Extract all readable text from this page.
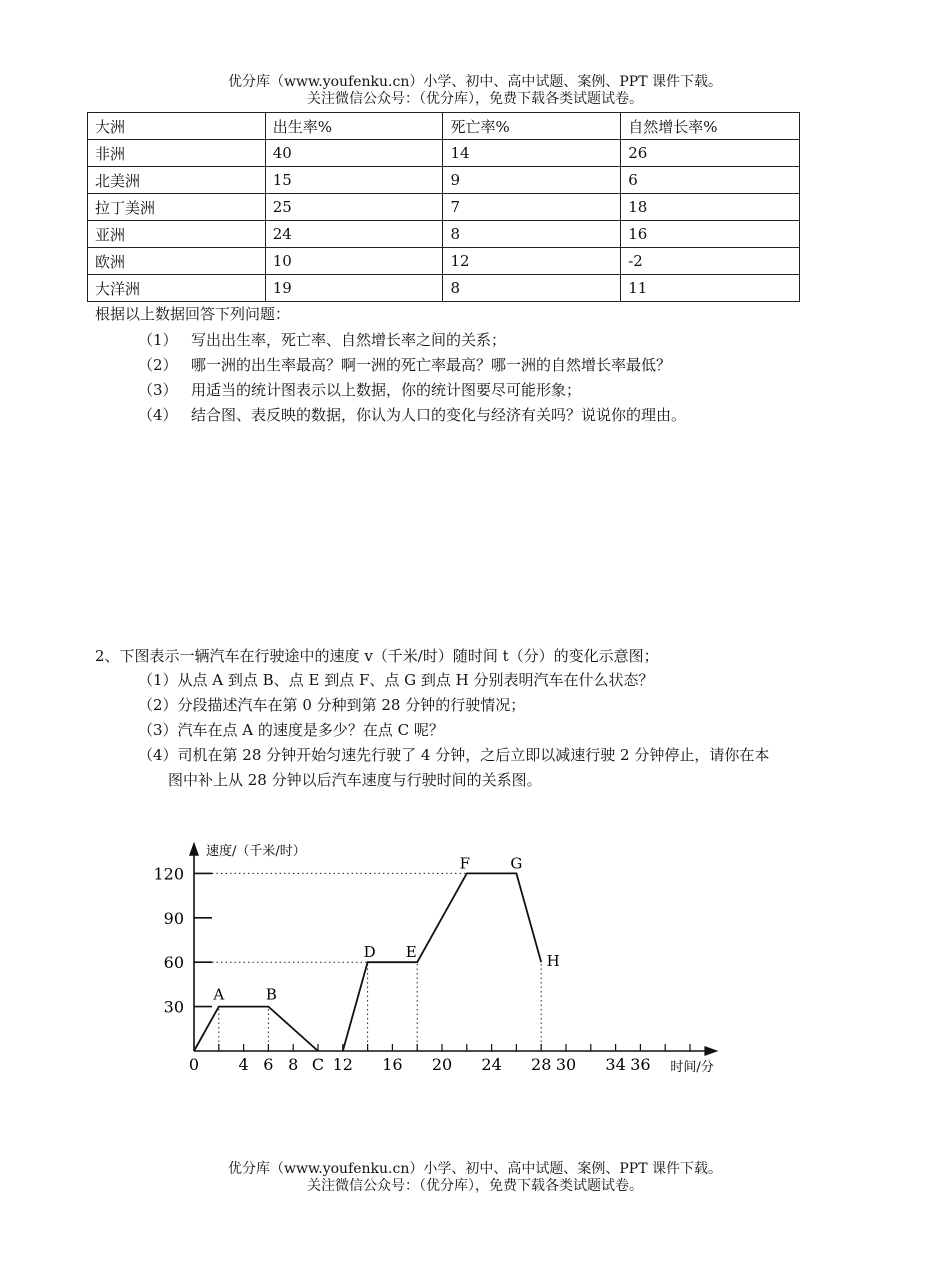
优分库（www.youfenku.cn）小学、初中、高中试题、案例、PPT 课件下载。
关注微信公众号：（优分库），免费下载各类试题试卷。
大洲	出生率%	死亡率%	自然增长率%
非洲	40	14	26
北美洲	15	9	6
拉丁美洲	25	7	18
亚洲	24	8	16
欧洲	10	12	-2
大洋洲	19	8	11
根据以上数据回答下列问题：
（1） 写出出生率，死亡率、自然增长率之间的关系；
（2） 哪一洲的出生率最高？啊一洲的死亡率最高？哪一洲的自然增长率最低？
（3） 用适当的统计图表示以上数据，你的统计图要尽可能形象；
（4） 结合图、表反映的数据，你认为人口的变化与经济有关吗？说说你的理由。
2、下图表示一辆汽车在行驶途中的速度 v（千米/时）随时间 t（分）的变化示意图；
（1）从点 A 到点 B、点 E 到点 F、点 G 到点 H 分别表明汽车在什么状态？
（2）分段描述汽车在第 0 分种到第 28 分钟的行驶情况；
（3）汽车在点 A 的速度是多少？在点 C 呢？
（4）司机在第 28 分钟开始匀速先行驶了 4 分钟，之后立即以减速行驶 2 分钟停止，请你在本
图中补上从 28 分钟以后汽车速度与行驶时间的关系图。
速度/（千米/时）
时间/分
30
60
90
120
0 4 6 8 C 12 16 20 24 28 30 34 36
A	B
D E
F	G
H
优分库（www.youfenku.cn）小学、初中、高中试题、案例、PPT 课件下载。
关注微信公众号：（优分库），免费下载各类试题试卷。
